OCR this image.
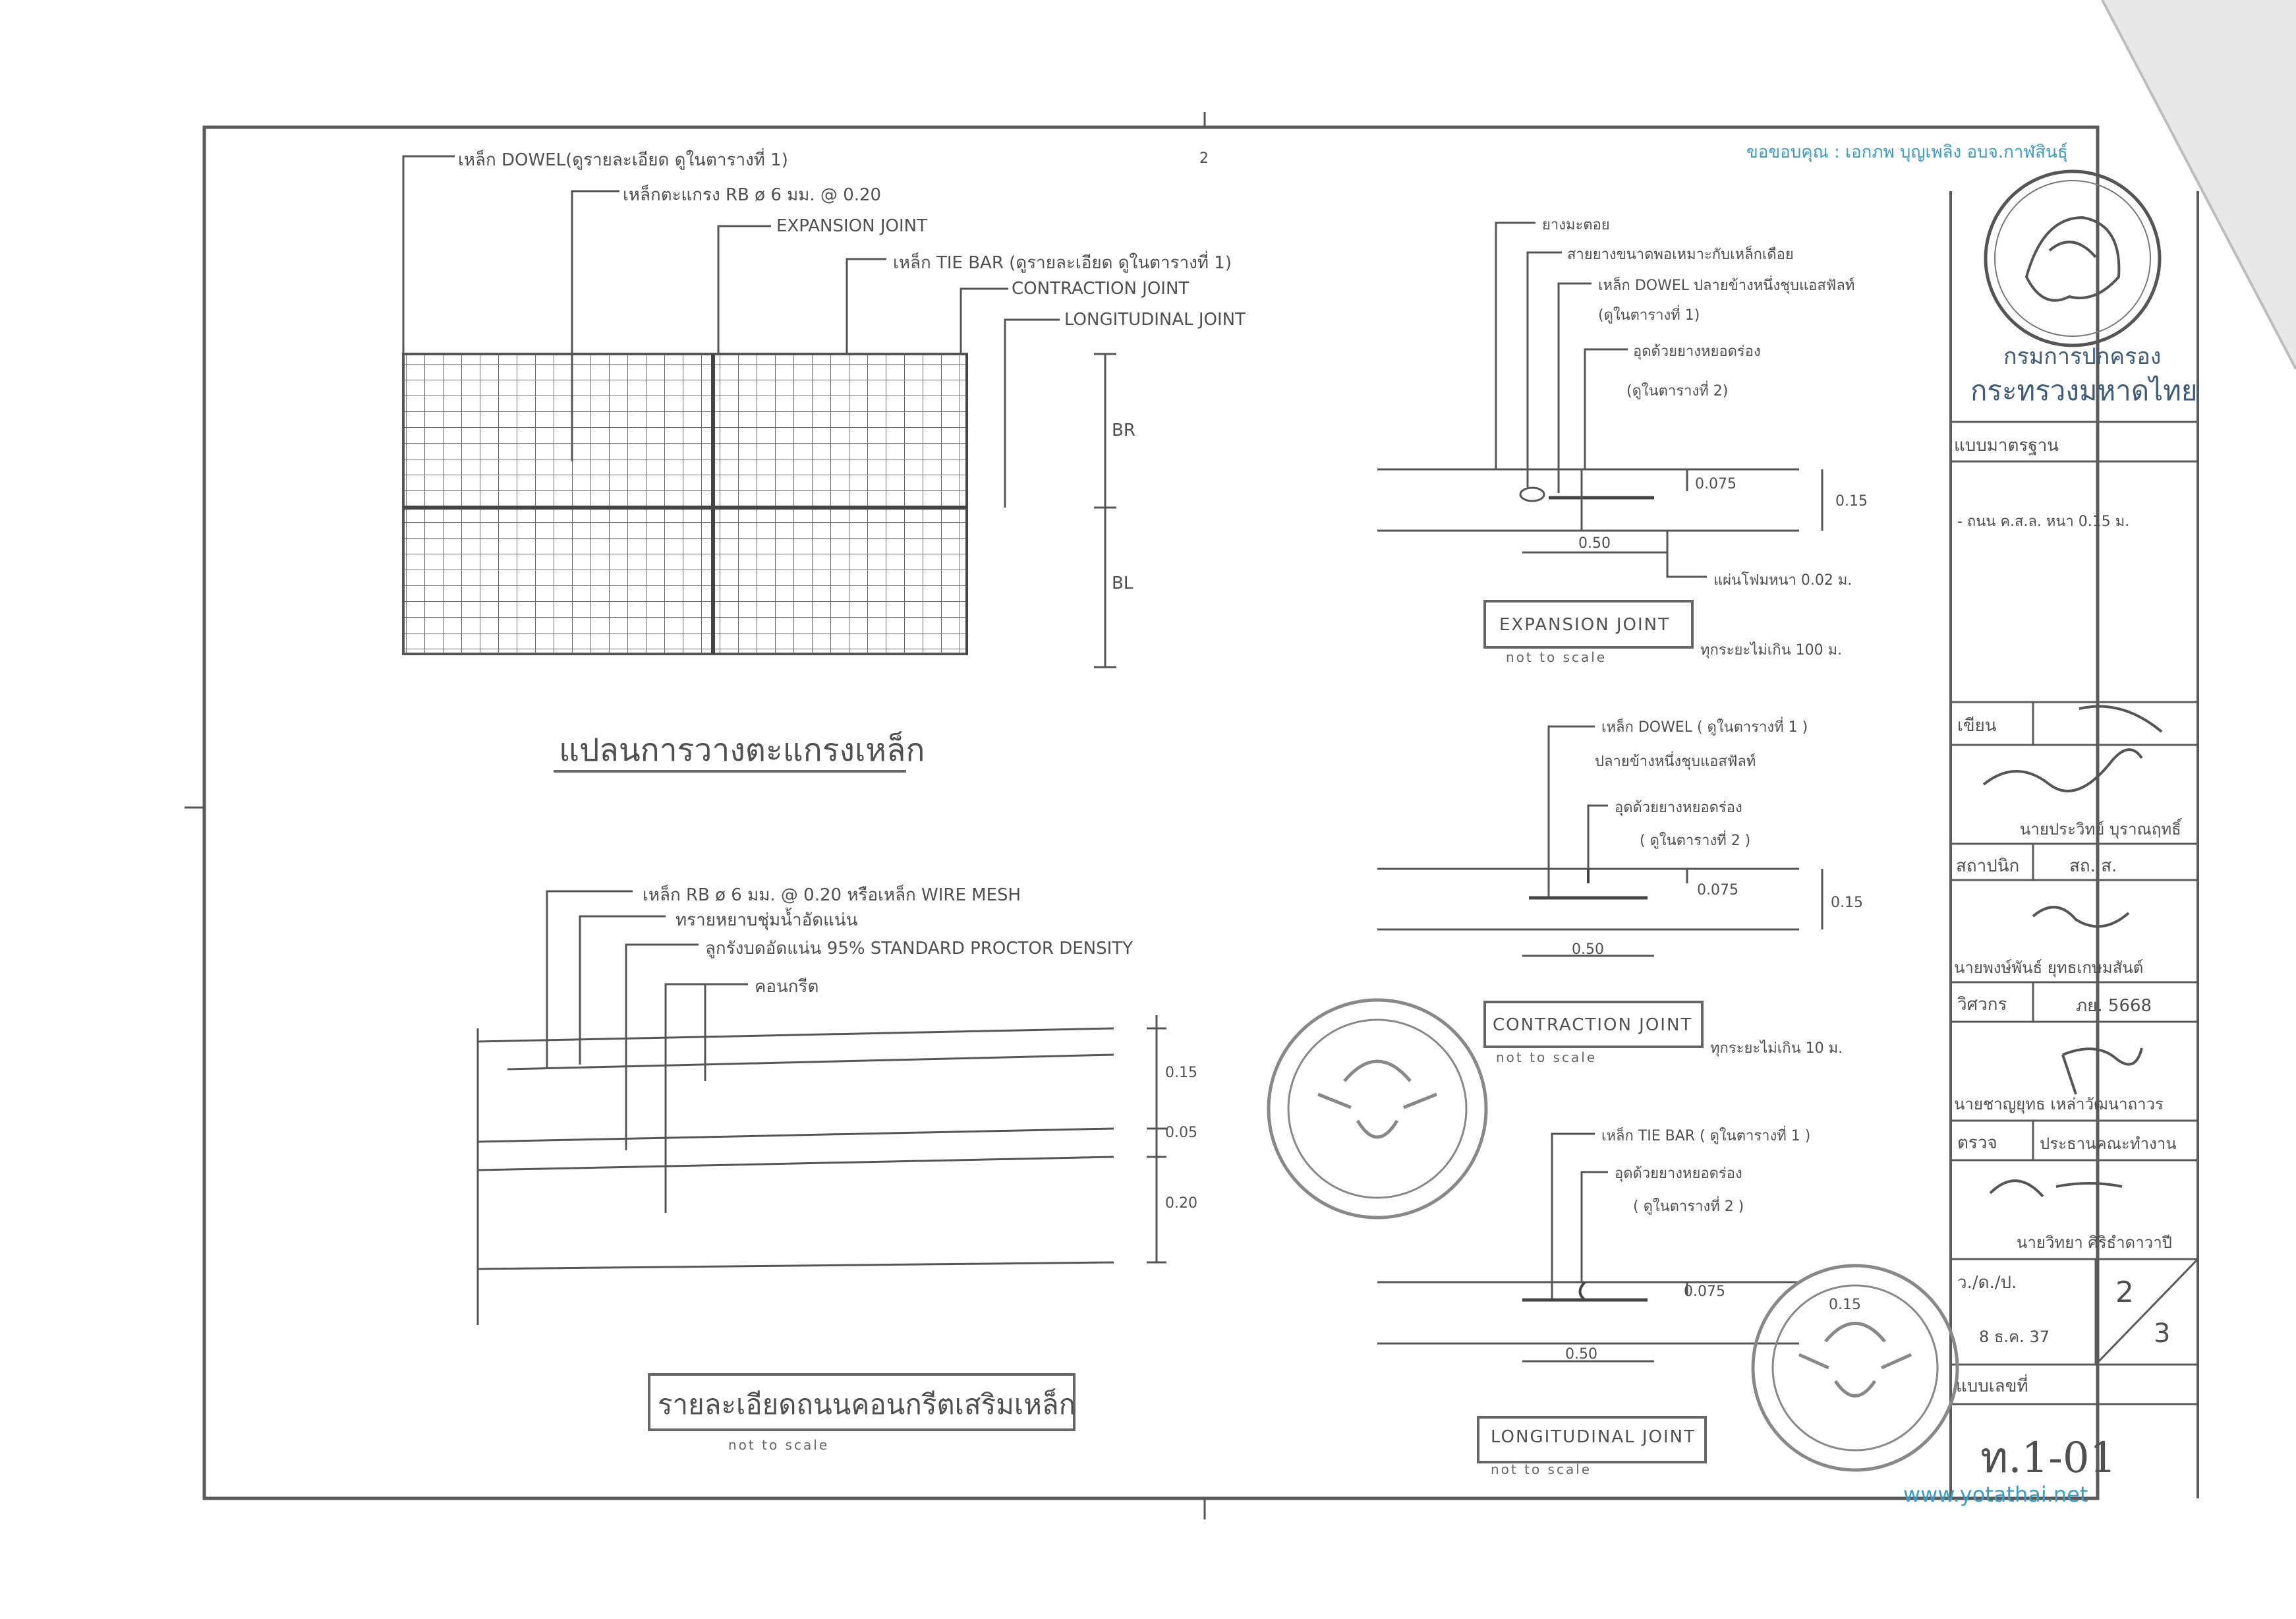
2	ขอขอบคุณ : เอกภพ บุญเพลิง อบจ.กาฬสินธุ์
เหล็ก DOWEL(ดูรายละเอียด ดูในตารางที่ 1)
เหล็กตะแกรง RB ø 6 มม. @ 0.20
EXPANSION JOINT
เหล็ก TIE BAR (ดูรายละเอียด ดูในตารางที่ 1)
CONTRACTION JOINT
LONGITUDINAL JOINT
BR
BL
แปลนการวางตะแกรงเหล็ก
เหล็ก RB ø 6 มม. @ 0.20 หรือเหล็ก WIRE MESH
ทรายหยาบชุ่มน้ำอัดแน่น
ลูกรังบดอัดแน่น 95% STANDARD PROCTOR DENSITY
คอนกรีต
0.15
0.05
0.20
รายละเอียดถนนคอนกรีตเสริมเหล็ก
not to scale
ยางมะตอย
สายยางขนาดพอเหมาะกับเหล็กเดือย
เหล็ก DOWEL ปลายข้างหนึ่งชุบแอสฟัลท์
(ดูในตารางที่ 1)
อุดด้วยยางหยอดร่อง
(ดูในตารางที่ 2)
0.075
0.15
0.50
แผ่นโฟมหนา 0.02 ม.
EXPANSION JOINT
not to scale	ทุกระยะไม่เกิน 100 ม.
เหล็ก DOWEL ( ดูในตารางที่ 1 )
ปลายข้างหนึ่งชุบแอสฟัลท์
อุดด้วยยางหยอดร่อง
( ดูในตารางที่ 2 )
0.075
0.15
0.50
CONTRACTION JOINT
not to scale
ทุกระยะไม่เกิน 10 ม.
เหล็ก TIE BAR ( ดูในตารางที่ 1 )
อุดด้วยยางหยอดร่อง
( ดูในตารางที่ 2 )
0.075
0.15
0.50
LONGITUDINAL JOINT
not to scale
กรมการปกครอง
กระทรวงมหาดไทย
แบบมาตรฐาน
- ถนน ค.ส.ล. หนา 0.15 ม.
เขียน
นายประวิทย์ บุราณฤทธิ์
สถาปนิก	สถ. ส.
นายพงษ์พันธ์ ยุทธเกษมสันต์
วิศวกร	ภย. 5668
นายชาญยุทธ เหล่าวัฒนาถาวร
ตรวจ	ประธานคณะทำงาน
นายวิทยา ศิริธำดาวาปี
ว./ด./ป.
8 ธ.ค. 37
2
3
แบบเลขที่
ท.1-01
www.yotathai.net
